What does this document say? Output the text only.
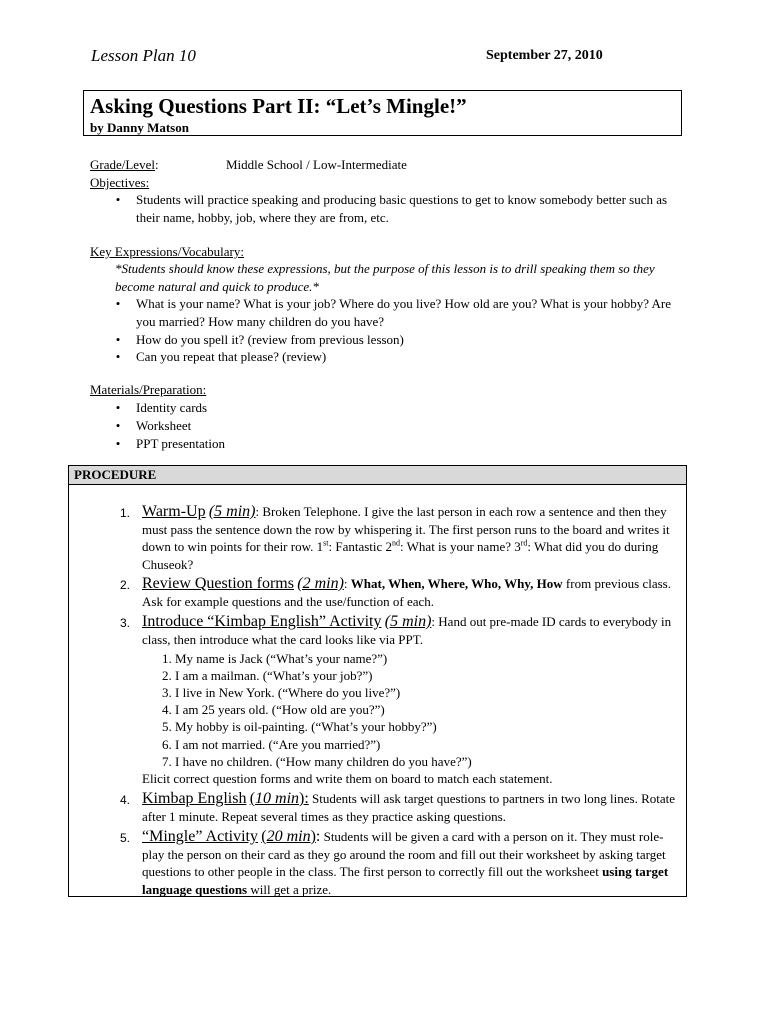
Lesson Plan 10	September 27, 2010
Asking Questions Part II: “Let’s Mingle!”
by Danny Matson
Grade/Level:	Middle School / Low-Intermediate
Objectives:
• Students will practice speaking and producing basic questions to get to know somebody better such as their name, hobby, job, where they are from, etc.
Key Expressions/Vocabulary:
*Students should know these expressions, but the purpose of this lesson is to drill speaking them so they become natural and quick to produce.*
• What is your name? What is your job? Where do you live? How old are you? What is your hobby? Are you married? How many children do you have?
• How do you spell it? (review from previous lesson)
• Can you repeat that please? (review)
Materials/Preparation:
• Identity cards
• Worksheet
• PPT presentation
PROCEDURE
1. Warm-Up (5 min): Broken Telephone. I give the last person in each row a sentence and then they must pass the sentence down the row by whispering it. The first person runs to the board and writes it down to win points for their row. 1st: Fantastic 2nd: What is your name? 3rd: What did you do during Chuseok?
2. Review Question forms (2 min): What, When, Where, Who, Why, How from previous class. Ask for example questions and the use/function of each.
3. Introduce “Kimbap English” Activity (5 min): Hand out pre-made ID cards to everybody in class, then introduce what the card looks like via PPT.
1. My name is Jack (“What’s your name?”)
2. I am a mailman. (“What’s your job?”)
3. I live in New York. (“Where do you live?”)
4. I am 25 years old. (“How old are you?”)
5. My hobby is oil-painting. (“What’s your hobby?”)
6. I am not married. (“Are you married?”)
7. I have no children. (“How many children do you have?”)
Elicit correct question forms and write them on board to match each statement.
4. Kimbap English (10 min): Students will ask target questions to partners in two long lines. Rotate after 1 minute. Repeat several times as they practice asking questions.
5. “Mingle” Activity (20 min): Students will be given a card with a person on it. They must role-play the person on their card as they go around the room and fill out their worksheet by asking target questions to other people in the class. The first person to correctly fill out the worksheet using target language questions will get a prize.
